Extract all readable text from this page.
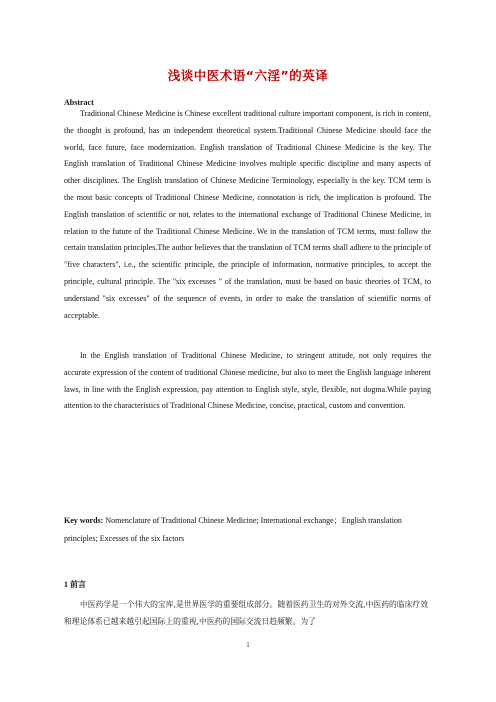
浅谈中医术语“六淫”的英译
Abstract

Traditional Chinese Medicine is Chinese excellent traditional culture important component, is rich in content, the thought is profound, has an independent theoretical system.Traditional Chinese Medicine should face the world, face future, face modernization. English translation of Traditional Chinese Medicine is the key. The English translation of Traditional Chinese Medicine involves multiple specific discipline and many aspects of other disciplines. The English translation of Chinese Medicine Terminology, especially is the key. TCM term is the most basic concepts of Traditional Chinese Medicine, connotation is rich, the implication is profound. The English translation of scientific or not, relates to the international exchange of Traditional Chinese Medicine, in relation to the future of the Traditional Chinese Medicine. We in the translation of TCM terms, must follow the certain translation principles.The author believes that the translation of TCM terms shall adhere to the principle of "five characters", i.e., the scientific principle, the principle of information, normative principles, to accept the principle, cultural principle. The "six excesses " of the translation, must be based on basic theories of TCM, to understand "six excesses" of the sequence of events, in order to make the translation of scientific norms of acceptable.

In the English translation of Traditional Chinese Medicine, to stringent attitude, not only requires the accurate expression of the content of traditional Chinese medicine, but also to meet the English language inherent laws, in line with the English expression, pay attention to English style, style, flexible, not dogma.While paying attention to the characteristics of Traditional Chinese Medicine, concise, practical, custom and convention.

Key words: Nomenclature of Traditional Chinese Medicine; International exchange；English translation principles; Excesses of the six factors

1 前言

中医药学是一个伟大的宝库,是世界医学的重要组成部分。随着医药卫生的对外交流,中医药的临床疗效和理论体系已越来越引起国际上的重视,中医药的国际交流日趋频繁。为了

1
